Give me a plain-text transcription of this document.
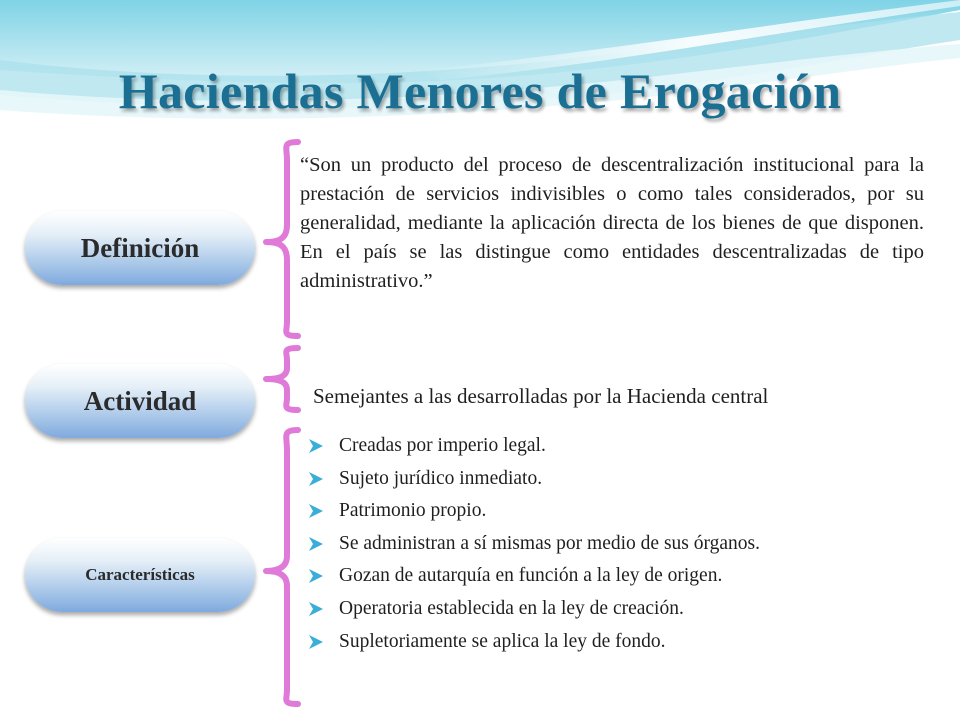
Haciendas Menores de Erogación
Definición
Actividad
Características
“Son un producto del proceso de descentralización institucional para la prestación de servicios indivisibles o como tales considerados, por su generalidad, mediante la aplicación directa de los bienes de que disponen. En el país se las distingue como entidades descentralizadas de tipo administrativo.”
Semejantes a las desarrolladas por la Hacienda central
Creadas por imperio legal.
Sujeto jurídico inmediato.
Patrimonio propio.
Se administran a sí mismas por medio de sus órganos.
Gozan de autarquía en función a la ley de origen.
Operatoria establecida en la ley de creación.
Supletoriamente se aplica la ley de fondo.
